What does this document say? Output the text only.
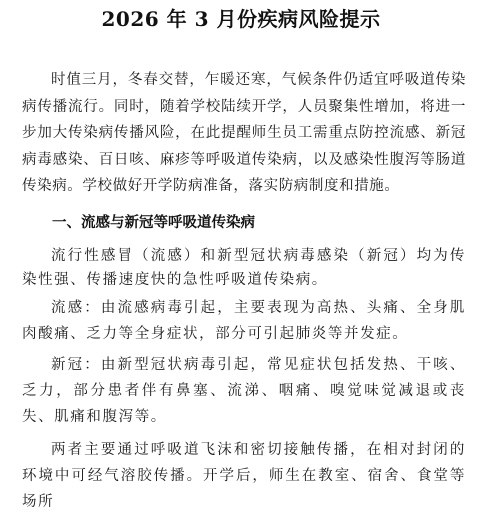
2026 年 3 月份疾病风险提示

时值三月，冬春交替，乍暖还寒，气候条件仍适宜呼吸道传染病传播流行。同时，随着学校陆续开学，人员聚集性增加，将进一步加大传染病传播风险，在此提醒师生员工需重点防控流感、新冠病毒感染、百日咳、麻疹等呼吸道传染病，以及感染性腹泻等肠道传染病。学校做好开学防病准备，落实防病制度和措施。

一、流感与新冠等呼吸道传染病

流行性感冒（流感）和新型冠状病毒感染（新冠）均为传染性强、传播速度快的急性呼吸道传染病。

流感：由流感病毒引起，主要表现为高热、头痛、全身肌肉酸痛、乏力等全身症状，部分可引起肺炎等并发症。

新冠：由新型冠状病毒引起，常见症状包括发热、干咳、乏力，部分患者伴有鼻塞、流涕、咽痛、嗅觉味觉减退或丧失、肌痛和腹泻等。

两者主要通过呼吸道飞沫和密切接触传播，在相对封闭的环境中可经气溶胶传播。开学后，师生在教室、宿舍、食堂等场所
